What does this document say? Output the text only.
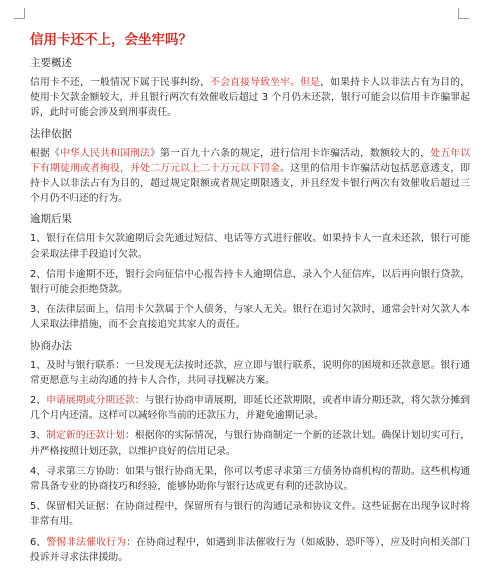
信用卡还不上，会坐牢吗？
主要概述
信用卡不还，一般情况下属于民事纠纷，不会直接导致坐牢。但是，如果持卡人以非法占有为目的，使用卡欠款金额较大，并且银行两次有效催收后超过 3 个月仍未还款，银行可能会以信用卡诈骗罪起诉，此时可能会涉及到刑事责任。
法律依据
根据《中华人民共和国刑法》第一百九十六条的规定，进行信用卡诈骗活动，数额较大的，处五年以下有期徒刑或者拘役，并处二万元以上二十万元以下罚金。这里的信用卡诈骗活动包括恶意透支，即持卡人以非法占有为目的，超过规定限额或者规定期限透支，并且经发卡银行两次有效催收后超过三个月仍不归还的行为。
逾期后果
1、银行在信用卡欠款逾期后会先通过短信、电话等方式进行催收。如果持卡人一直未还款，银行可能会采取法律手段追讨欠款。
2、信用卡逾期不还，银行会向征信中心报告持卡人逾期信息，录入个人征信库，以后再向银行贷款，银行可能会拒绝贷款。
3、在法律层面上，信用卡欠款属于个人债务，与家人无关。银行在追讨欠款时，通常会针对欠款人本人采取法律措施，而不会直接追究其家人的责任。
协商办法
1、及时与银行联系：一旦发现无法按时还款，应立即与银行联系，说明你的困境和还款意愿。银行通常更愿意与主动沟通的持卡人合作，共同寻找解决方案。
2、申请展期或分期还款：与银行协商申请展期，即延长还款期限，或者申请分期还款，将欠款分摊到几个月内还清。这样可以减轻你当前的还款压力，并避免逾期记录。
3、制定新的还款计划：根据你的实际情况，与银行协商制定一个新的还款计划。确保计划切实可行，并严格按照计划还款，以维护良好的信用记录。
4、寻求第三方协助：如果与银行协商无果，你可以考虑寻求第三方债务协商机构的帮助。这些机构通常具备专业的协商技巧和经验，能够协助你与银行达成更有利的还款协议。
5、保留相关证据：在协商过程中，保留所有与银行的沟通记录和协议文件。这些证据在出现争议时将非常有用。
6、警惕非法催收行为：在协商过程中，如遇到非法催收行为（如威胁、恐吓等），应及时向相关部门投诉并寻求法律援助。
